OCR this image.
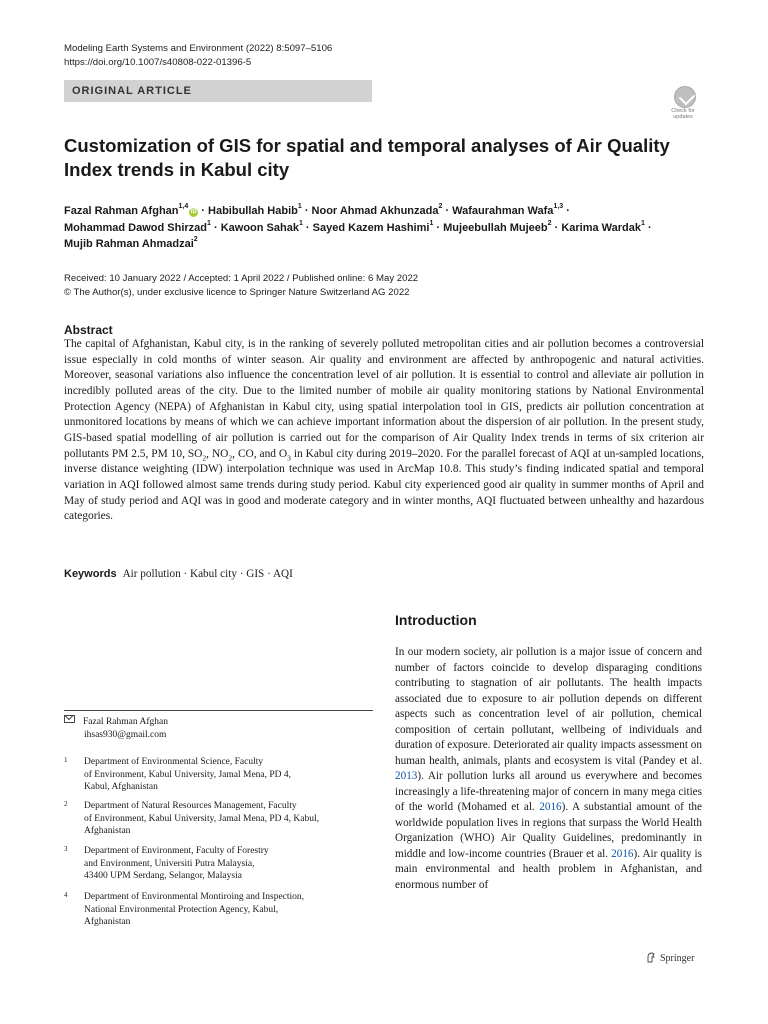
Modeling Earth Systems and Environment (2022) 8:5097–5106
https://doi.org/10.1007/s40808-022-01396-5
ORIGINAL ARTICLE
Check for
updates
Customization of GIS for spatial and temporal analyses of Air Quality
Index trends in Kabul city
Fazal Rahman Afghan$^{1,4}$iD · Habibullah Habib$^1$ · Noor Ahmad Akhunzada$^2$ · Wafaurahman Wafa$^{1,3}$ ·
Mohammad Dawod Shirzad$^1$ · Kawoon Sahak$^1$ · Sayed Kazem Hashimi$^1$ · Mujeebullah Mujeeb$^2$ · Karima Wardak$^1$ ·
Mujib Rahman Ahmadzai$^2$
Received: 10 January 2022 / Accepted: 1 April 2022 / Published online: 6 May 2022
© The Author(s), under exclusive licence to Springer Nature Switzerland AG 2022
Abstract
The capital of Afghanistan, Kabul city, is in the ranking of severely polluted metropolitan cities and air pollution becomes a controversial issue especially in cold months of winter season. Air quality and environment are affected by anthropogenic and natural activities. Moreover, seasonal variations also influence the concentration level of air pollution. It is essential to control and alleviate air pollution in incredibly polluted areas of the city. Due to the limited number of mobile air quality monitoring stations by National Environmental Protection Agency (NEPA) of Afghanistan in Kabul city, using spatial interpolation tool in GIS, predicts air pollution concentration at unmonitored locations by means of which we can achieve important information about the dispersion of air pollution. In the present study, GIS-based spatial modelling of air pollution is carried out for the comparison of Air Quality Index trends in terms of six criterion air pollutants PM 2.5, PM 10, $SO_2$, $NO_2$, CO, and $O_3$ in Kabul city during 2019–2020. For the parallel forecast of AQI at un-sampled locations, inverse distance weighting (IDW) interpolation technique was used in ArcMap 10.8. This study’s finding indicated spatial and temporal variation in AQI followed almost same trends during study period. Kabul city experienced good air quality in summer months of April and May of study period and AQI was in good and moderate category and in winter months, AQI fluctuated between unhealthy and hazardous categories.
Keywords Air pollution · Kabul city · GIS · AQI
Introduction
In our modern society, air pollution is a major issue of concern and number of factors coincide to develop disparaging conditions contributing to stagnation of air pollutants. The health impacts associated due to exposure to air pollution depends on different aspects such as concentration level of air pollution, chemical composition of certain pollutant, wellbeing of individuals and duration of exposure. Deteriorated air quality impacts assessment on human health, animals, plants and ecosystem is vital (Pandey et al. 2013). Air pollution lurks all around us everywhere and becomes increasingly a life-threatening major of concern in many mega cities of the world (Mohamed et al. 2016). A substantial amount of the worldwide population lives in regions that surpass the World Health Organization (WHO) Air Quality Guidelines, predominantly in middle and low-income countries (Brauer et al. 2016). Air quality is main environmental and health problem in Afghanistan, and enormous number of
Fazal Rahman Afghan
ihsas930@gmail.com
1 Department of Environmental Science, Faculty
of Environment, Kabul University, Jamal Mena, PD 4,
Kabul, Afghanistan
2 Department of Natural Resources Management, Faculty
of Environment, Kabul University, Jamal Mena, PD 4, Kabul,
Afghanistan
3 Department of Environment, Faculty of Forestry
and Environment, Universiti Putra Malaysia,
43400 UPM Serdang, Selangor, Malaysia
4 Department of Environmental Montiroing and Inspection,
National Environmental Protection Agency, Kabul,
Afghanistan
Springer
